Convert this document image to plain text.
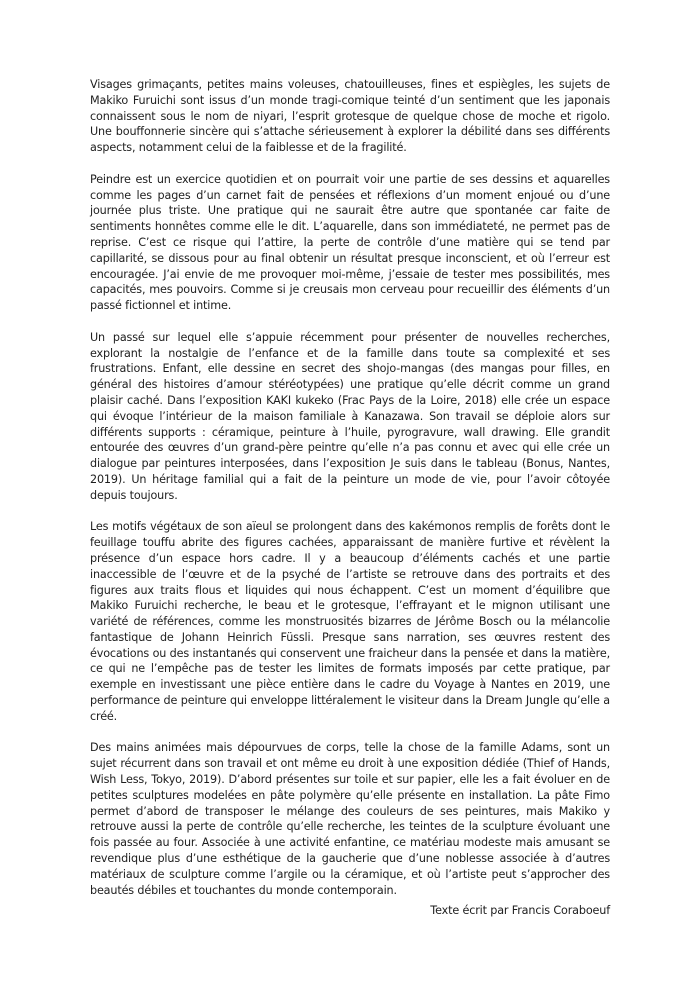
Visages grimaçants, petites mains voleuses, chatouilleuses, fines et espiègles, les sujets de Makiko Furuichi sont issus d’un monde tragi-comique teinté d’un sentiment que les japonais connaissent sous le nom de niyari, l’esprit grotesque de quelque chose de moche et rigolo. Une bouffonnerie sincère qui s’attache sérieusement à explorer la débilité dans ses différents aspects, notamment celui de la faiblesse et de la fragilité.

Peindre est un exercice quotidien et on pourrait voir une partie de ses dessins et aquarelles comme les pages d’un carnet fait de pensées et réflexions d’un moment enjoué ou d’une journée plus triste. Une pratique qui ne saurait être autre que spontanée car faite de sentiments honnêtes comme elle le dit. L’aquarelle, dans son immédiateté, ne permet pas de reprise. C’est ce risque qui l’attire, la perte de contrôle d’une matière qui se tend par capillarité, se dissous pour au final obtenir un résultat presque inconscient, et où l’erreur est encouragée. J’ai envie de me provoquer moi-même, j’essaie de tester mes possibilités, mes capacités, mes pouvoirs. Comme si je creusais mon cerveau pour recueillir des éléments d’un passé fictionnel et intime.

Un passé sur lequel elle s’appuie récemment pour présenter de nouvelles recherches, explorant la nostalgie de l’enfance et de la famille dans toute sa complexité et ses frustrations. Enfant, elle dessine en secret des shojo-mangas (des mangas pour filles, en général des histoires d’amour stéréotypées) une pratique qu’elle décrit comme un grand plaisir caché. Dans l’exposition KAKI kukeko (Frac Pays de la Loire, 2018) elle crée un espace qui évoque l’intérieur de la maison familiale à Kanazawa. Son travail se déploie alors sur différents supports : céramique, peinture à l’huile, pyrogravure, wall drawing. Elle grandit entourée des œuvres d’un grand-père peintre qu’elle n’a pas connu et avec qui elle crée un dialogue par peintures interposées, dans l’exposition Je suis dans le tableau (Bonus, Nantes, 2019). Un héritage familial qui a fait de la peinture un mode de vie, pour l’avoir côtoyée depuis toujours.

Les motifs végétaux de son aïeul se prolongent dans des kakémonos remplis de forêts dont le feuillage touffu abrite des figures cachées, apparaissant de manière furtive et révèlent la présence d’un espace hors cadre. Il y a beaucoup d’éléments cachés et une partie inaccessible de l’œuvre et de la psyché de l’artiste se retrouve dans des portraits et des figures aux traits flous et liquides qui nous échappent. C’est un moment d’équilibre que Makiko Furuichi recherche, le beau et le grotesque, l’effrayant et le mignon utilisant une variété de références, comme les monstruosités bizarres de Jérôme Bosch ou la mélancolie fantastique de Johann Heinrich Füssli. Presque sans narration, ses œuvres restent des évocations ou des instantanés qui conservent une fraicheur dans la pensée et dans la matière, ce qui ne l’empêche pas de tester les limites de formats imposés par cette pratique, par exemple en investissant une pièce entière dans le cadre du Voyage à Nantes en 2019, une performance de peinture qui enveloppe littéralement le visiteur dans la Dream Jungle qu’elle a créé.

Des mains animées mais dépourvues de corps, telle la chose de la famille Adams, sont un sujet récurrent dans son travail et ont même eu droit à une exposition dédiée (Thief of Hands, Wish Less, Tokyo, 2019). D’abord présentes sur toile et sur papier, elle les a fait évoluer en de petites sculptures modelées en pâte polymère qu’elle présente en installation. La pâte Fimo permet d’abord de transposer le mélange des couleurs de ses peintures, mais Makiko y retrouve aussi la perte de contrôle qu’elle recherche, les teintes de la sculpture évoluant une fois passée au four. Associée à une activité enfantine, ce matériau modeste mais amusant se revendique plus d’une esthétique de la gaucherie que d’une noblesse associée à d’autres matériaux de sculpture comme l’argile ou la céramique, et où l’artiste peut s’approcher des beautés débiles et touchantes du monde contemporain.

Texte écrit par Francis Coraboeuf
